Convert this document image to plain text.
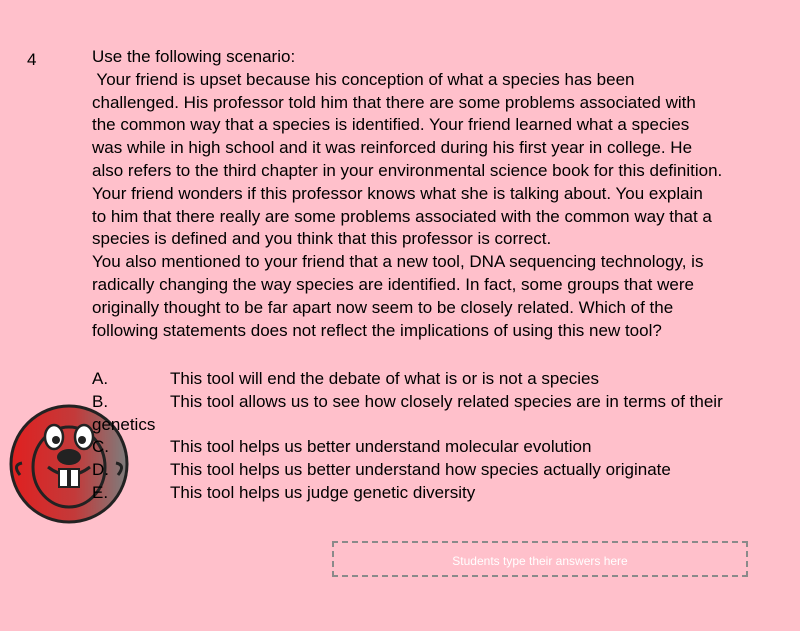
4	Use the following scenario:

Your friend is upset because his conception of what a species has been

challenged. His professor told him that there are some problems associated with

the common way that a species is identified. Your friend learned what a species

was while in high school and it was reinforced during his first year in college. He

also refers to the third chapter in your environmental science book for this definition.

Your friend wonders if this professor knows what she is talking about. You explain

to him that there really are some problems associated with the common way that a

species is defined and you think that this professor is correct.

You also mentioned to your friend that a new tool, DNA sequencing technology, is

radically changing the way species are identified. In fact, some groups that were

originally thought to be far apart now seem to be closely related. Which of the

following statements does not reflect the implications of using this new tool?

A.	This tool will end the debate of what is or is not a species
B.	This tool allows us to see how closely related species are in terms of their
genetics
C.	This tool helps us better understand molecular evolution
D.	This tool helps us better understand how species actually originate
E.	This tool helps us judge genetic diversity
Students type their answers here
